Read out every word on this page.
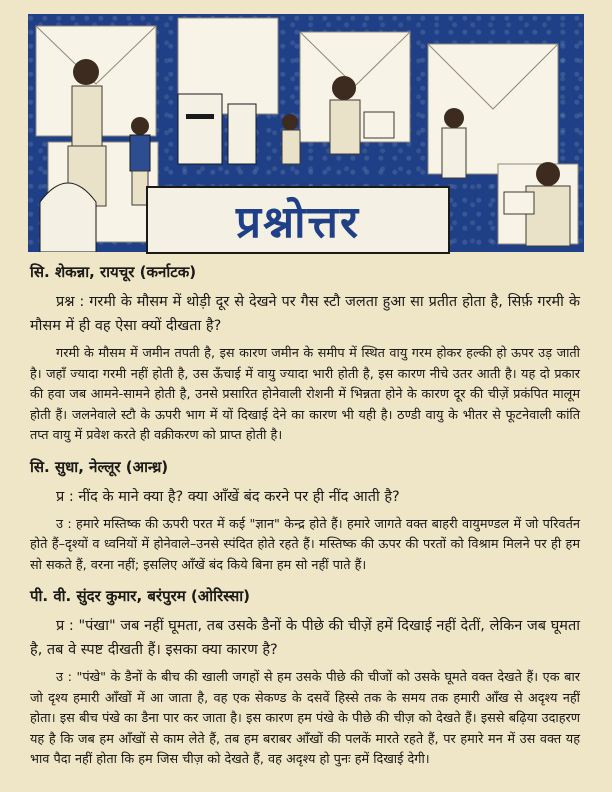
प्रश्नोत्तर

सि. शेकन्ना, रायचूर (कर्नाटक)

प्रश्न : गरमी के मौसम में थोड़ी दूर से देखने पर गैस स्टौ जलता हुआ सा प्रतीत होता है, सिर्फ़ गरमी के मौसम में ही वह ऐसा क्यों दीखता है?

गरमी के मौसम में जमीन तपती है, इस कारण जमीन के समीप में स्थित वायु गरम होकर हल्की हो ऊपर उड़ जाती है। जहाँ ज्यादा गरमी नहीं होती है, उस ऊँचाई में वायु ज्यादा भारी होती है, इस कारण नीचे उतर आती है। यह दो प्रकार की हवा जब आमने-सामने होती है, उनसे प्रसारित होनेवाली रोशनी में भिन्नता होने के कारण दूर की चीज़ें प्रकंपित मालूम होती हैं। जलनेवाले स्टौ के ऊपरी भाग में यों दिखाई देने का कारण भी यही है। ठण्डी वायु के भीतर से फूटनेवाली कांति तप्त वायु में प्रवेश करते ही वक्रीकरण को प्राप्त होती है।

सि. सुधा, नेल्लूर (आन्ध्र)

प्र : नींद के माने क्या है? क्या आँखें बंद करने पर ही नींद आती है?

उ : हमारे मस्तिष्क की ऊपरी परत में कई "ज्ञान" केन्द्र होते हैं। हमारे जागते वक्त बाहरी वायुमण्डल में जो परिवर्तन होते हैं–दृश्यों व ध्वनियों में होनेवाले–उनसे स्पंदित होते रहते हैं। मस्तिष्क की ऊपर की परतों को विश्राम मिलने पर ही हम सो सकते हैं, वरना नहीं; इसलिए आँखें बंद किये बिना हम सो नहीं पाते हैं।

पी. वी. सुंदर कुमार, बरंपुरम (ओरिस्सा)

प्र : "पंखा" जब नहीं घूमता, तब उसके डैनों के पीछे की चीज़ें हमें दिखाई नहीं देतीं, लेकिन जब घूमता है, तब वे स्पष्ट दीखती हैं। इसका क्या कारण है?

उ : "पंखे" के डैनों के बीच की खाली जगहों से हम उसके पीछे की चीजों को उसके घूमते वक्त देखते हैं। एक बार जो दृश्य हमारी आँखों में आ जाता है, वह एक सेकण्ड के दसवें हिस्से तक के समय तक हमारी आँख से अदृश्य नहीं होता। इस बीच पंखे का डैना पार कर जाता है। इस कारण हम पंखे के पीछे की चीज़ को देखते हैं। इससे बढ़िया उदाहरण यह है कि जब हम आँखों से काम लेते हैं, तब हम बराबर आँखों की पलकें मारते रहते हैं, पर हमारे मन में उस वक्त यह भाव पैदा नहीं होता कि हम जिस चीज़ को देखते हैं, वह अदृश्य हो पुनः हमें दिखाई देगी।
